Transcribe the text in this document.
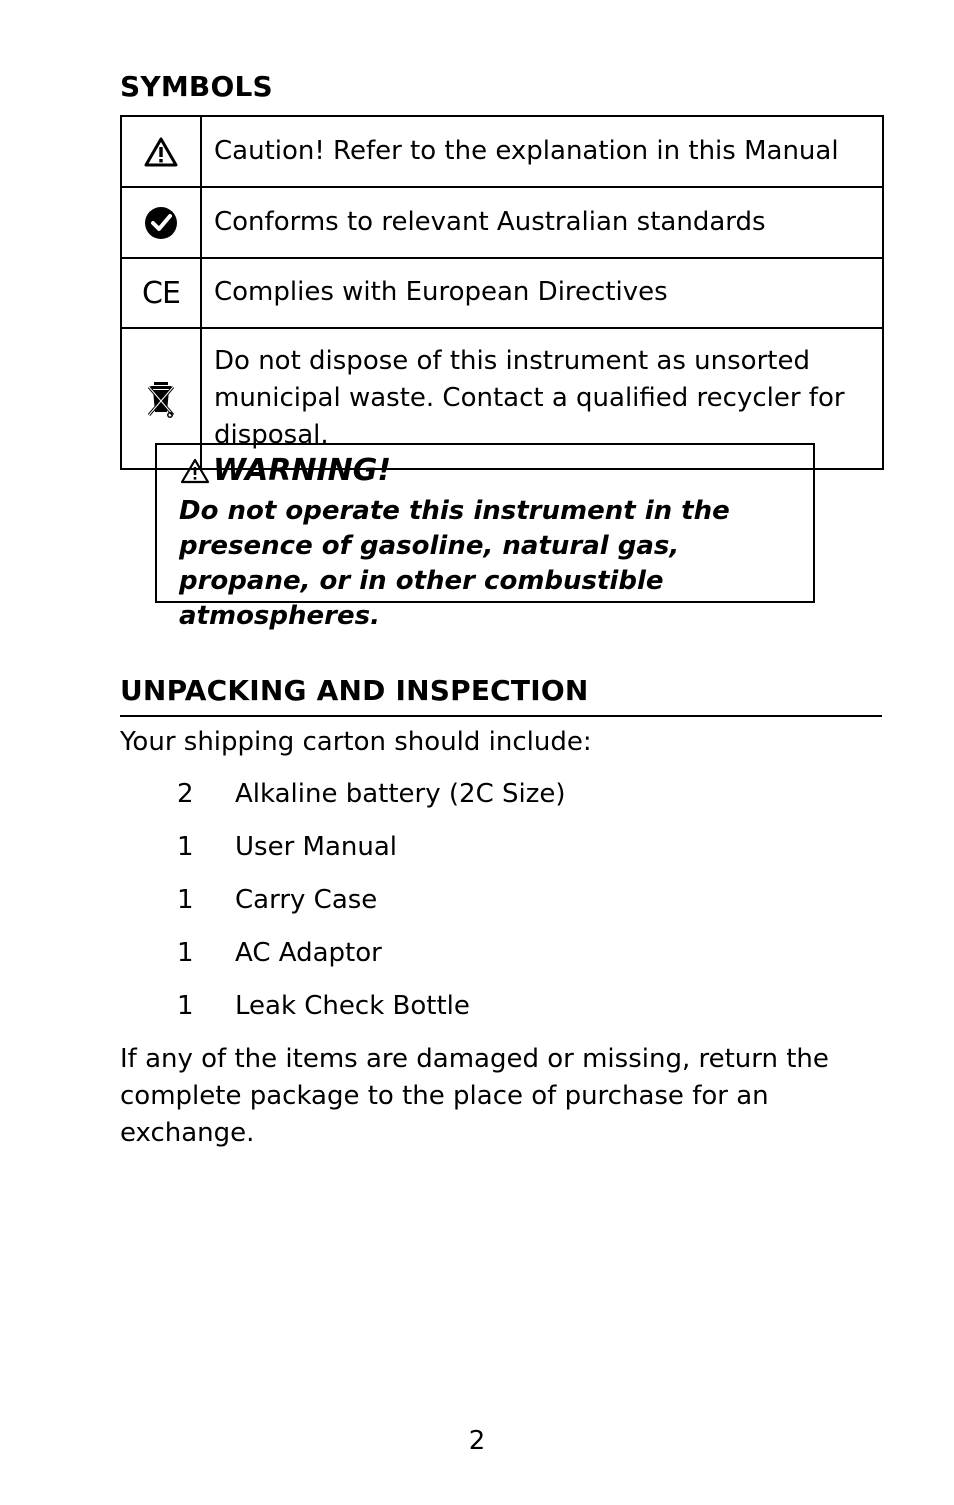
SYMBOLS
	Caution! Refer to the explanation in this Manual

	Conforms to relevant Australian standards
CE	Complies with European Directives

	Do not dispose of this instrument as unsorted municipal waste. Contact a qualified recycler for disposal.
WARNING!
Do not operate this instrument in the presence of gasoline, natural gas, propane, or in other combustible atmospheres.
UNPACKING AND INSPECTION
Your shipping carton should include:
2 Alkaline battery (2C Size)
1 User Manual
1 Carry Case
1 AC Adaptor
1 Leak Check Bottle
If any of the items are damaged or missing, return the complete package to the place of purchase for an exchange.
2
